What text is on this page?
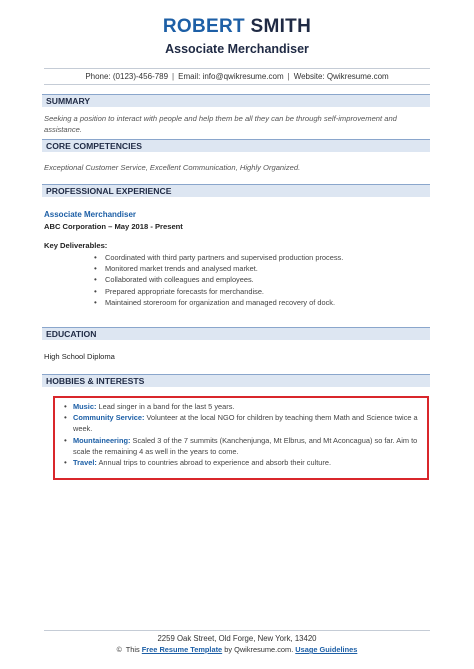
ROBERT SMITH
Associate Merchandiser
Phone: (0123)-456-789 | Email: info@qwikresume.com | Website: Qwikresume.com
SUMMARY
Seeking a position to interact with people and help them be all they can be through self-improvement and assistance.
CORE COMPETENCIES
Exceptional Customer Service, Excellent Communication, Highly Organized.
PROFESSIONAL EXPERIENCE
Associate Merchandiser
ABC Corporation – May 2018 - Present
Key Deliverables:
• Coordinated with third party partners and supervised production process.
• Monitored market trends and analysed market.
• Collaborated with colleagues and employees.
• Prepared appropriate forecasts for merchandise.
• Maintained storeroom for organization and managed recovery of dock.
EDUCATION
High School Diploma
HOBBIES & INTERESTS
• Music: Lead singer in a band for the last 5 years.
• Community Service: Volunteer at the local NGO for children by teaching them Math and Science twice a week.
• Mountaineering: Scaled 3 of the 7 summits (Kanchenjunga, Mt Elbrus, and Mt Aconcagua) so far. Aim to scale the remaining 4 as well in the years to come.
• Travel: Annual trips to countries abroad to experience and absorb their culture.
2259 Oak Street, Old Forge, New York, 13420
© This Free Resume Template by Qwikresume.com. Usage Guidelines
